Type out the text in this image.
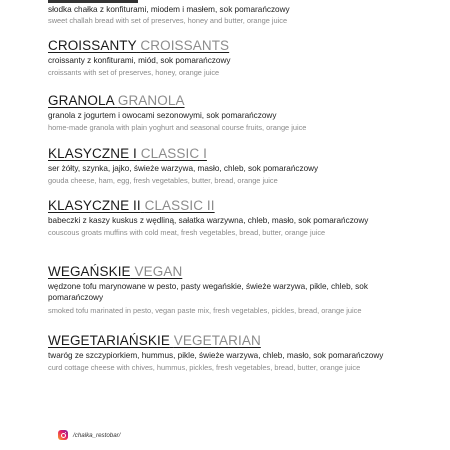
słodka chałka z konfiturami, miodem i masłem, sok pomarańczowy
sweet challah bread with set of preserves, honey and butter, orange juice
CROISSANTY CROISSANTS
croissanty z konfiturami, miód, sok pomarańczowy
croissants with set of preserves, honey, orange juice
GRANOLA GRANOLA
granola z jogurtem i owocami sezonowymi, sok pomarańczowy
home-made granola with plain yoghurt and seasonal course fruits, orange juice
KLASYCZNE I CLASSIC I
ser żółty, szynka, jajko, świeże warzywa, masło, chleb, sok pomarańczowy
gouda cheese, ham, egg, fresh vegetables, butter, bread, orange juice
KLASYCZNE II CLASSIC II
babeczki z kaszy kuskus z wędliną, sałatka warzywna, chleb, masło, sok pomarańczowy
couscous groats muffins with cold meat, fresh vegetables, bread, butter, orange juice
WEGAŃSKIE VEGAN
wędzone tofu marynowane w pesto, pasty wegańskie, świeże warzywa, pikle, chleb, sok pomarańczowy
smoked tofu marinated in pesto, vegan paste mix, fresh vegetables, pickles, bread, orange juice
WEGETARIAŃSKIE VEGETARIAN
twaróg ze szczypiorkiem, hummus, pikle, świeże warzywa, chleb, masło, sok pomarańczowy
curd cottage cheese with chives, hummus, pickles, fresh vegetables, bread, butter, orange juice
/chalka_restobar/
